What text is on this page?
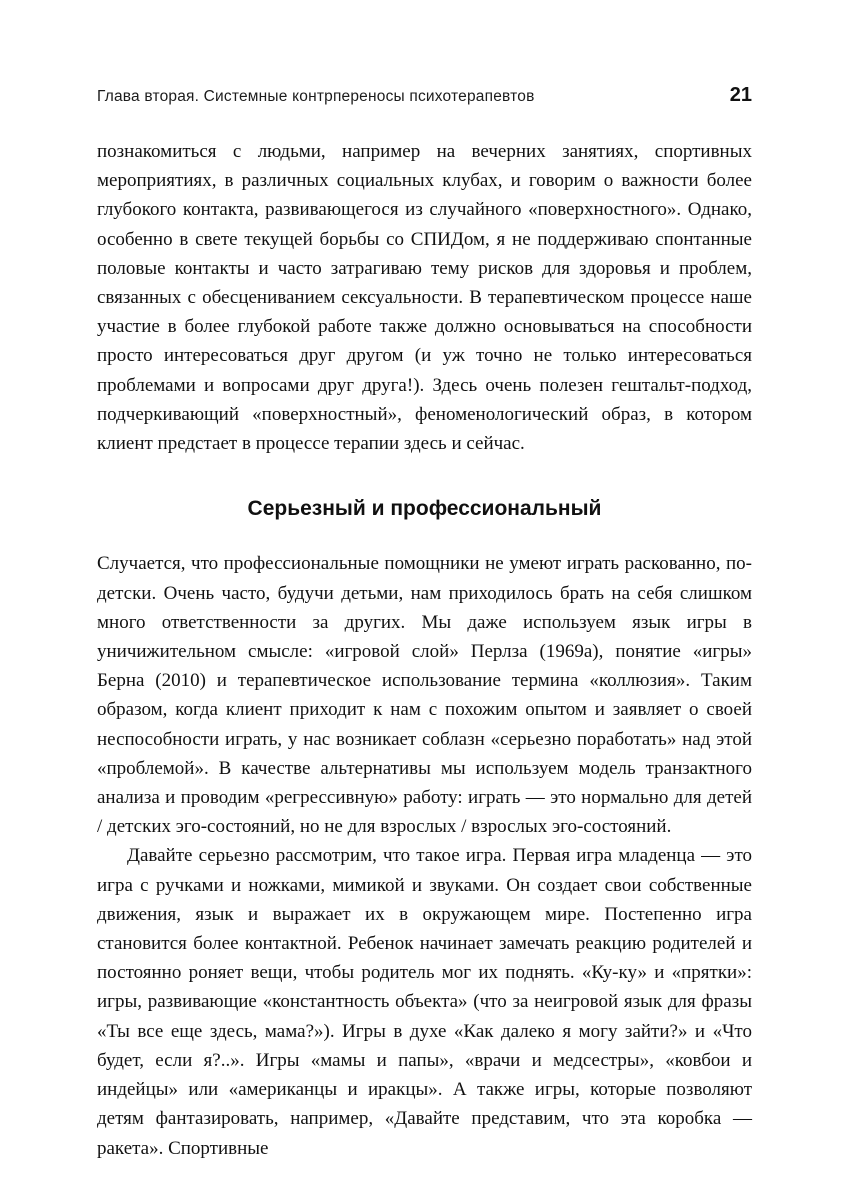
Глава вторая. Системные контрпереносы психотерапевтов	21

познакомиться с людьми, например на вечерних занятиях, спортивных мероприятиях, в различных социальных клубах, и говорим о важности более глубокого контакта, развивающегося из случайного «поверхностного». Однако, особенно в свете текущей борьбы со СПИДом, я не поддерживаю спонтанные половые контакты и часто затрагиваю тему рисков для здоровья и проблем, связанных с обесцениванием сексуальности. В терапевтическом процессе наше участие в более глубокой работе также должно основываться на способности просто интересоваться друг другом (и уж точно не только интересоваться проблемами и вопросами друг друга!). Здесь очень полезен гештальт-подход, подчеркивающий «поверхностный», феноменологический образ, в котором клиент предстает в процессе терапии здесь и сейчас.

Серьезный и профессиональный

Случается, что профессиональные помощники не умеют играть раскованно, по-детски. Очень часто, будучи детьми, нам приходилось брать на себя слишком много ответственности за других. Мы даже используем язык игры в уничижительном смысле: «игровой слой» Перлза (1969а), понятие «игры» Берна (2010) и терапевтическое использование термина «коллюзия». Таким образом, когда клиент приходит к нам с похожим опытом и заявляет о своей неспособности играть, у нас возникает соблазн «серьезно поработать» над этой «проблемой». В качестве альтернативы мы используем модель транзактного анализа и проводим «регрессивную» работу: играть — это нормально для детей / детских эго-состояний, но не для взрослых / взрослых эго-состояний.

Давайте серьезно рассмотрим, что такое игра. Первая игра младенца — это игра с ручками и ножками, мимикой и звуками. Он создает свои собственные движения, язык и выражает их в окружающем мире. Постепенно игра становится более контактной. Ребенок начинает замечать реакцию родителей и постоянно роняет вещи, чтобы родитель мог их поднять. «Ку-ку» и «прятки»: игры, развивающие «константность объекта» (что за неигровой язык для фразы «Ты все еще здесь, мама?»). Игры в духе «Как далеко я могу зайти?» и «Что будет, если я?..». Игры «мамы и папы», «врачи и медсестры», «ковбои и индейцы» или «американцы и иракцы». А также игры, которые позволяют детям фантазировать, например, «Давайте представим, что эта коробка — ракета». Спортивные
